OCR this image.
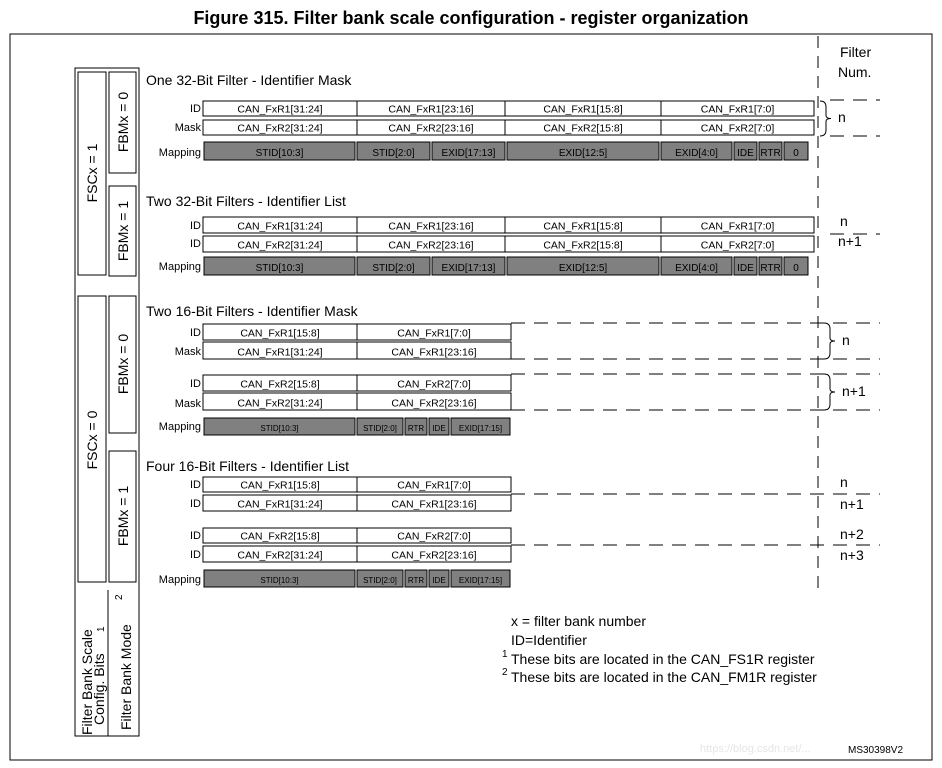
Figure 315. Filter bank scale configuration - register organization
Filter
Num.
FSCx = 1
FSCx = 0
FBMx = 0
FBMx = 1
FBMx = 0
FBMx = 1
Filter Bank Scale
Config. Bits
1 Filter Bank Mode
2
One 32-Bit Filter - Identifier Mask
ID	CAN_FxR1[31:24]	CAN_FxR1[23:16]	CAN_FxR1[15:8]	CAN_FxR1[7:0]
Mask	CAN_FxR2[31:24]	CAN_FxR2[23:16]	CAN_FxR2[15:8]	CAN_FxR2[7:0]
Mapping	STID[10:3]	STID[2:0]	EXID[17:13]	EXID[12:5]	EXID[4:0] IDE RTR 0
n
Two 32-Bit Filters - Identifier List
ID	CAN_FxR1[31:24]	CAN_FxR1[23:16]	CAN_FxR1[15:8]	CAN_FxR1[7:0]
ID	CAN_FxR2[31:24]	CAN_FxR2[23:16]	CAN_FxR2[15:8]	CAN_FxR2[7:0]
Mapping	STID[10:3]	STID[2:0]	EXID[17:13]	EXID[12:5]	EXID[4:0] IDE RTR 0
n
n+1
Two 16-Bit Filters - Identifier Mask
ID	CAN_FxR1[15:8]	CAN_FxR1[7:0]
Mask	CAN_FxR1[31:24]	CAN_FxR1[23:16]
ID	CAN_FxR2[15:8]	CAN_FxR2[7:0]
Mask	CAN_FxR2[31:24]	CAN_FxR2[23:16]
Mapping	STID[10:3]	STID[2:0] RTR IDE EXID[17:15]
n
n+1
Four 16-Bit Filters - Identifier List
ID	CAN_FxR1[15:8]	CAN_FxR1[7:0]
ID	CAN_FxR1[31:24]	CAN_FxR1[23:16]
ID	CAN_FxR2[15:8]	CAN_FxR2[7:0]
ID	CAN_FxR2[31:24]	CAN_FxR2[23:16]
Mapping	STID[10:3]	STID[2:0] RTR IDE EXID[17:15]
n
n+1
n+2
n+3
x = filter bank number
ID=Identifier
1 These bits are located in the CAN_FS1R register
2 These bits are located in the CAN_FM1R register
https://blog.csdn.net/...	MS30398V2
